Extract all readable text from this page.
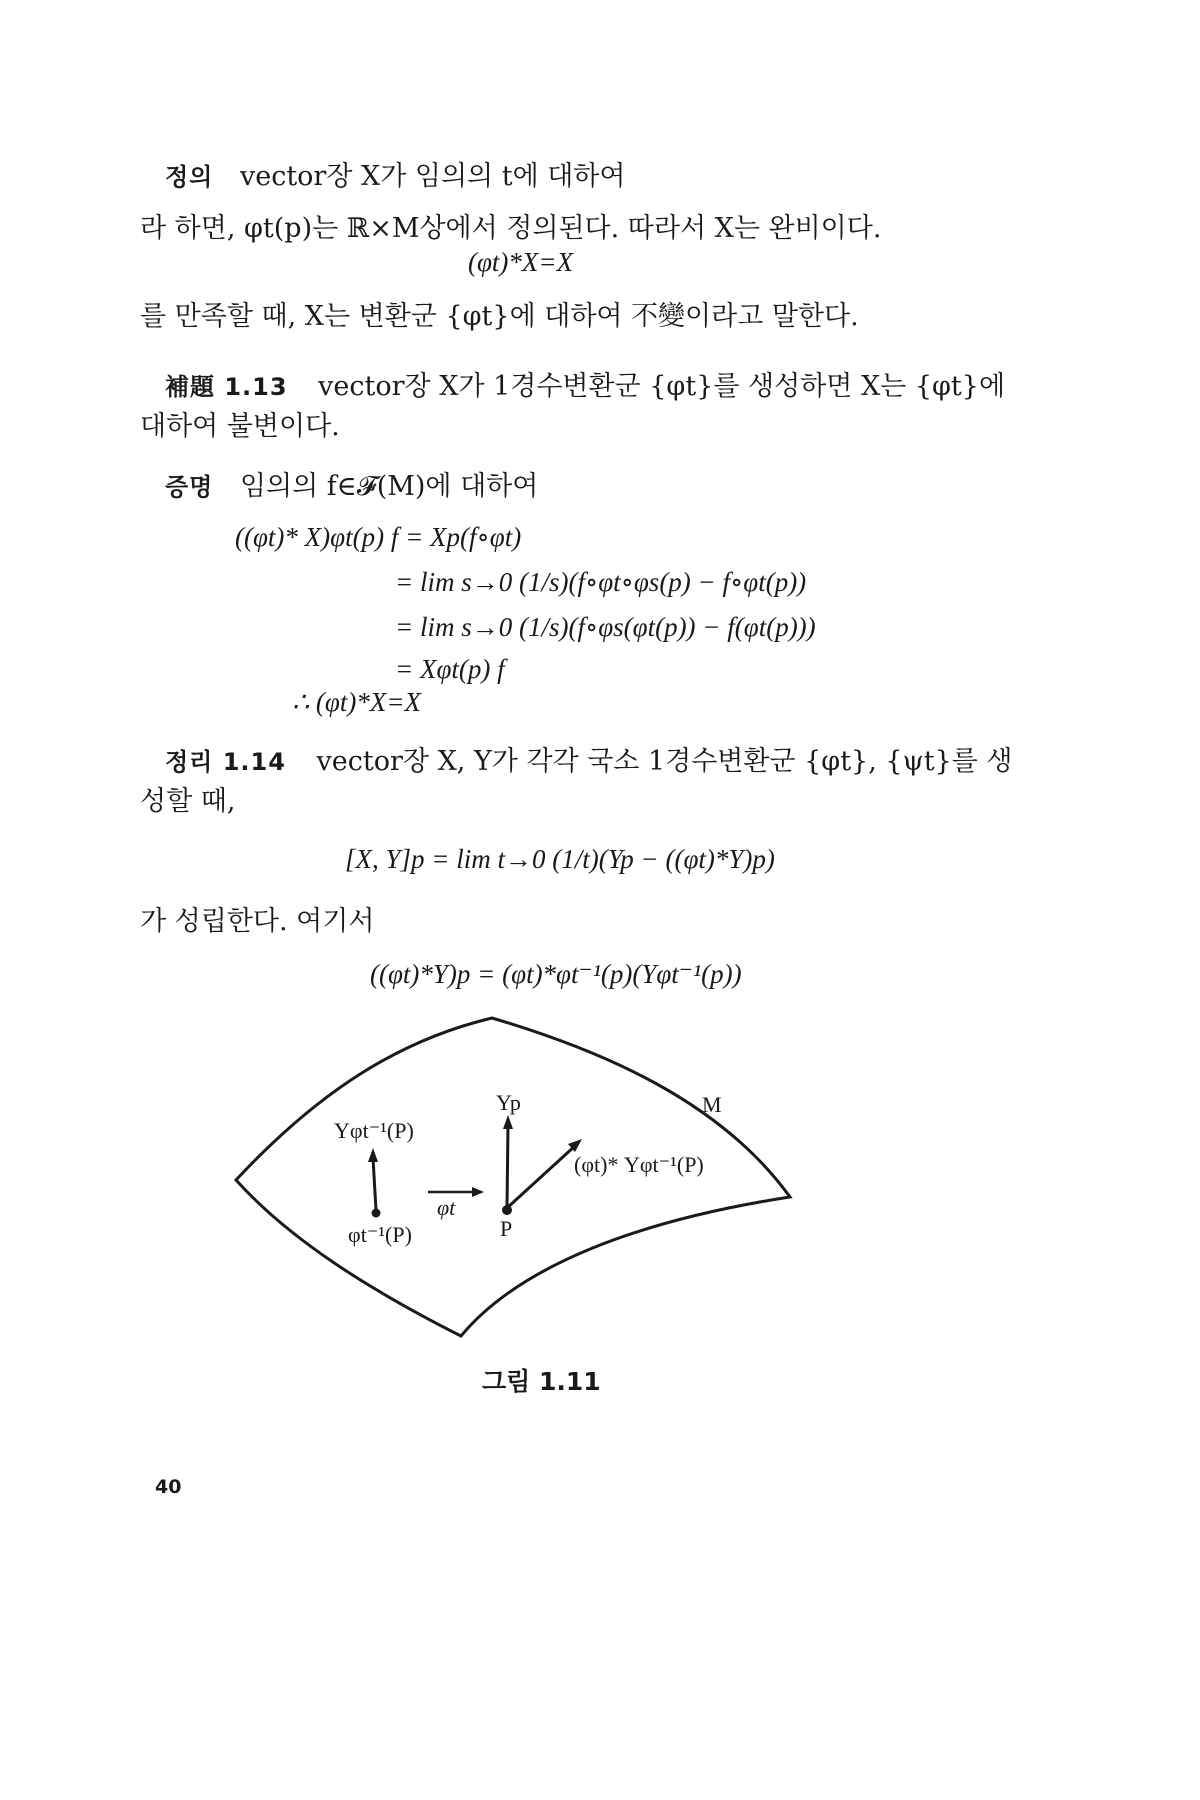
정의 vector장 X가 임의의 t에 대하여
라 하면, φt(p)는 ℝ×M상에서 정의된다. 따라서 X는 완비이다.
(φt)*X=X
를 만족할 때, X는 변환군 {φt}에 대하여 不變이라고 말한다.
補題 1.13 vector장 X가 1경수변환군 {φt}를 생성하면 X는 {φt}에
대하여 불변이다.
증명 임의의 f∈𝓕(M)에 대하여
((φt)* X)φt(p) f = Xp(f∘φt)
= lim s→0 (1/s)(f∘φt∘φs(p) − f∘φt(p))
= lim s→0 (1/s)(f∘φs(φt(p)) − f(φt(p)))
= Xφt(p) f
∴ (φt)*X=X
정리 1.14 vector장 X, Y가 각각 국소 1경수변환군 {φt}, {ψt}를 생
성할 때,
[X, Y]p = lim t→0 (1/t)(Yp − ((φt)*Y)p)
가 성립한다. 여기서
((φt)*Y)p = (φt)*φt⁻¹(p)(Yφt⁻¹(p))
M
Yp
Yφt⁻¹(P)
(φt)* Yφt⁻¹(P)
φt
P
φt⁻¹(P)
그림 1.11
40
